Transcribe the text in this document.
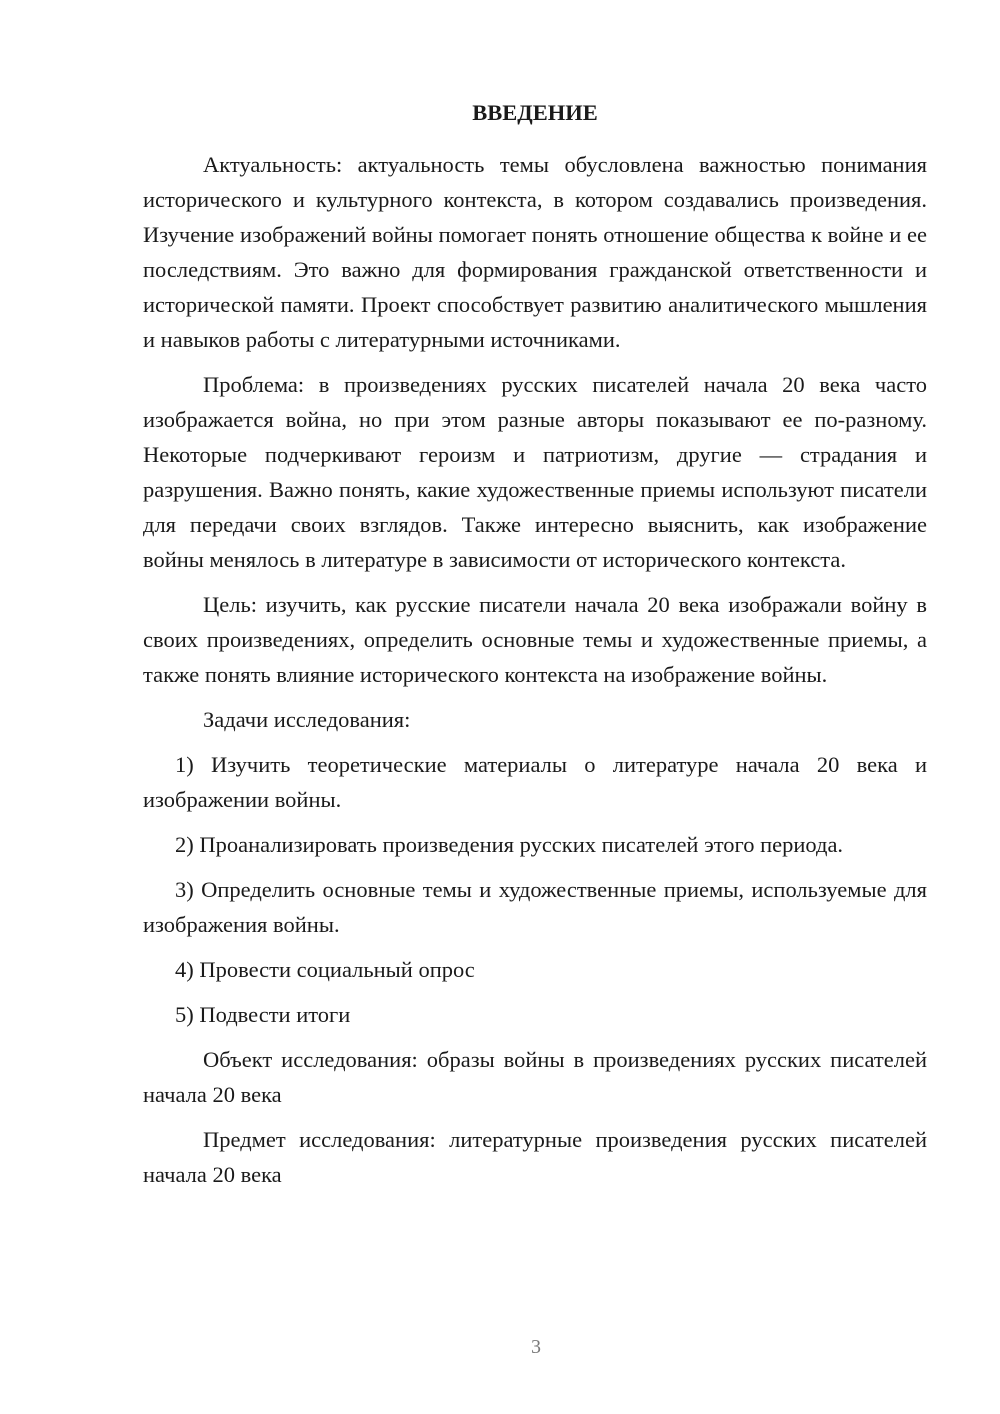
ВВЕДЕНИЕ

Актуальность: актуальность темы обусловлена важностью понимания исторического и культурного контекста, в котором создавались произведения. Изучение изображений войны помогает понять отношение общества к войне и ее последствиям. Это важно для формирования гражданской ответственности и исторической памяти. Проект способствует развитию аналитического мышления и навыков работы с литературными источниками.

Проблема: в произведениях русских писателей начала 20 века часто изображается война, но при этом разные авторы показывают ее по-разному. Некоторые подчеркивают героизм и патриотизм, другие — страдания и разрушения. Важно понять, какие художественные приемы используют писатели для передачи своих взглядов. Также интересно выяснить, как изображение войны менялось в литературе в зависимости от исторического контекста.

Цель: изучить, как русские писатели начала 20 века изображали войну в своих произведениях, определить основные темы и художественные приемы, а также понять влияние исторического контекста на изображение войны.

Задачи исследования:

1) Изучить теоретические материалы о литературе начала 20 века и изображении войны.

2) Проанализировать произведения русских писателей этого периода.

3) Определить основные темы и художественные приемы, используемые для изображения войны.

4) Провести социальный опрос

5) Подвести итоги

Объект исследования: образы войны в произведениях русских писателей начала 20 века

Предмет исследования: литературные произведения русских писателей начала 20 века

3
